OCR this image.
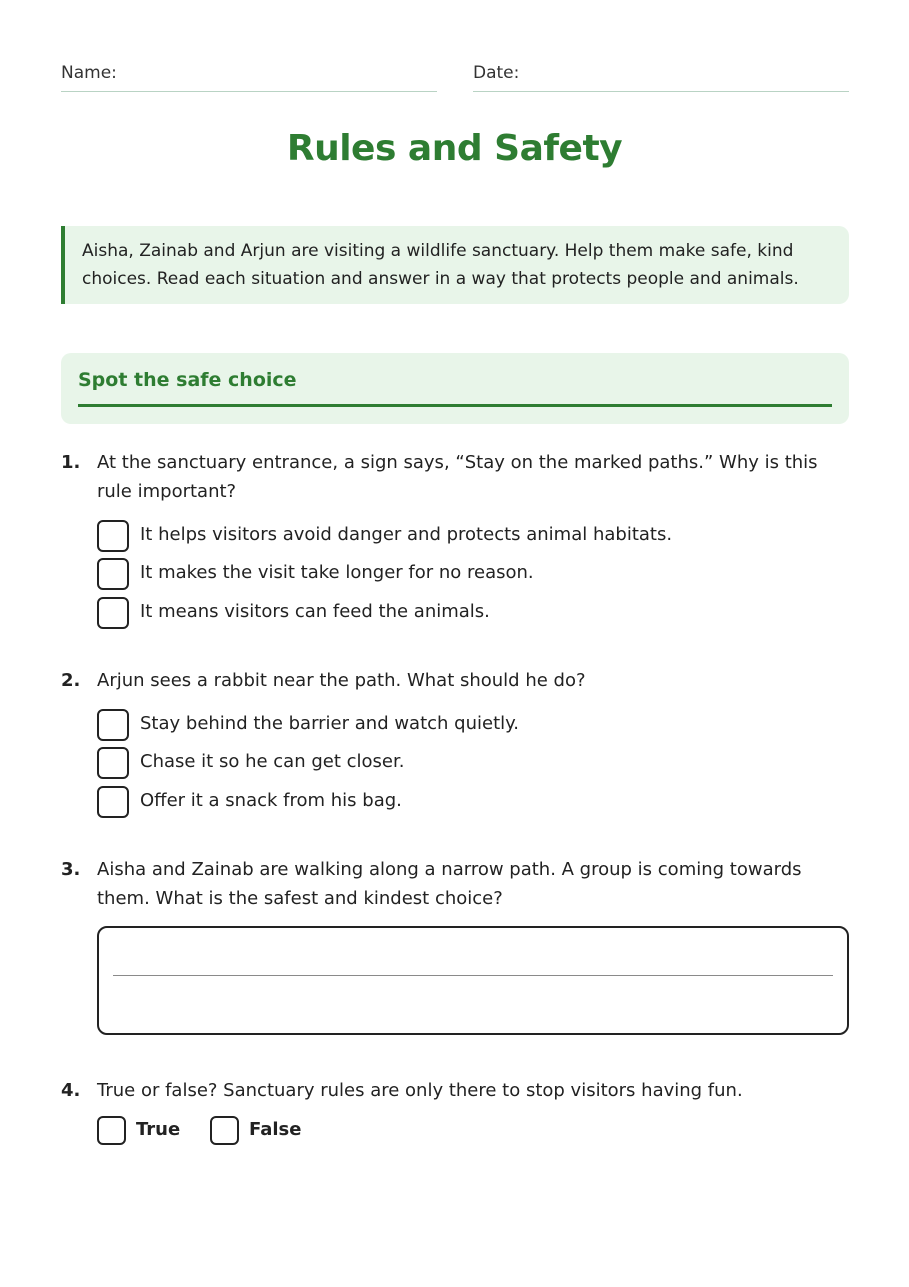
Name:	Date:
Rules and Safety
Aisha, Zainab and Arjun are visiting a wildlife sanctuary. Help them make safe, kind choices. Read each situation and answer in a way that protects people and animals.
Spot the safe choice
1. At the sanctuary entrance, a sign says, “Stay on the marked paths.” Why is this rule important?
It helps visitors avoid danger and protects animal habitats.
It makes the visit take longer for no reason.
It means visitors can feed the animals.
2. Arjun sees a rabbit near the path. What should he do?
Stay behind the barrier and watch quietly.
Chase it so he can get closer.
Offer it a snack from his bag.
3. Aisha and Zainab are walking along a narrow path. A group is coming towards them. What is the safest and kindest choice?
4. True or false? Sanctuary rules are only there to stop visitors having fun.
True	False
